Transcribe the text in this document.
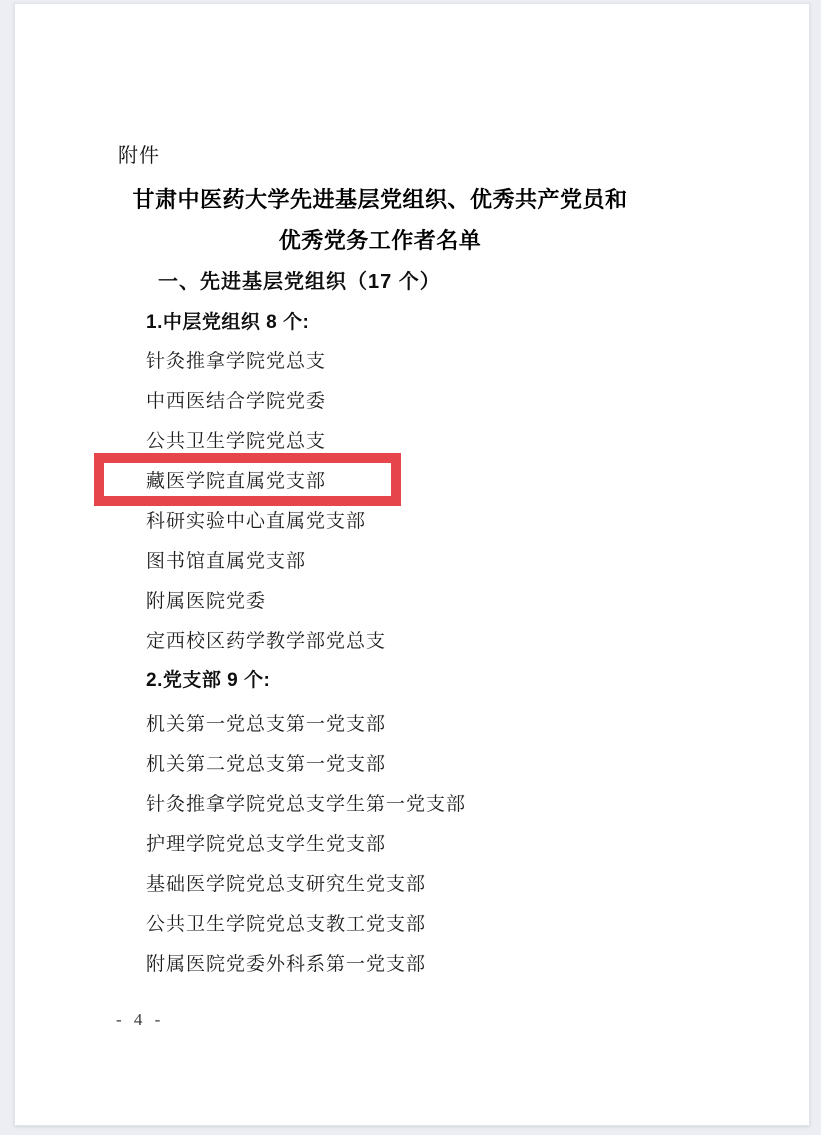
附件
甘肃中医药大学先进基层党组织、优秀共产党员和
优秀党务工作者名单
一、先进基层党组织（17 个）
1.中层党组织 8 个:
针灸推拿学院党总支
中西医结合学院党委
公共卫生学院党总支
藏医学院直属党支部
科研实验中心直属党支部
图书馆直属党支部
附属医院党委
定西校区药学教学部党总支
2.党支部 9 个:
机关第一党总支第一党支部
机关第二党总支第一党支部
针灸推拿学院党总支学生第一党支部
护理学院党总支学生党支部
基础医学院党总支研究生党支部
公共卫生学院党总支教工党支部
附属医院党委外科系第一党支部
- 4 -
